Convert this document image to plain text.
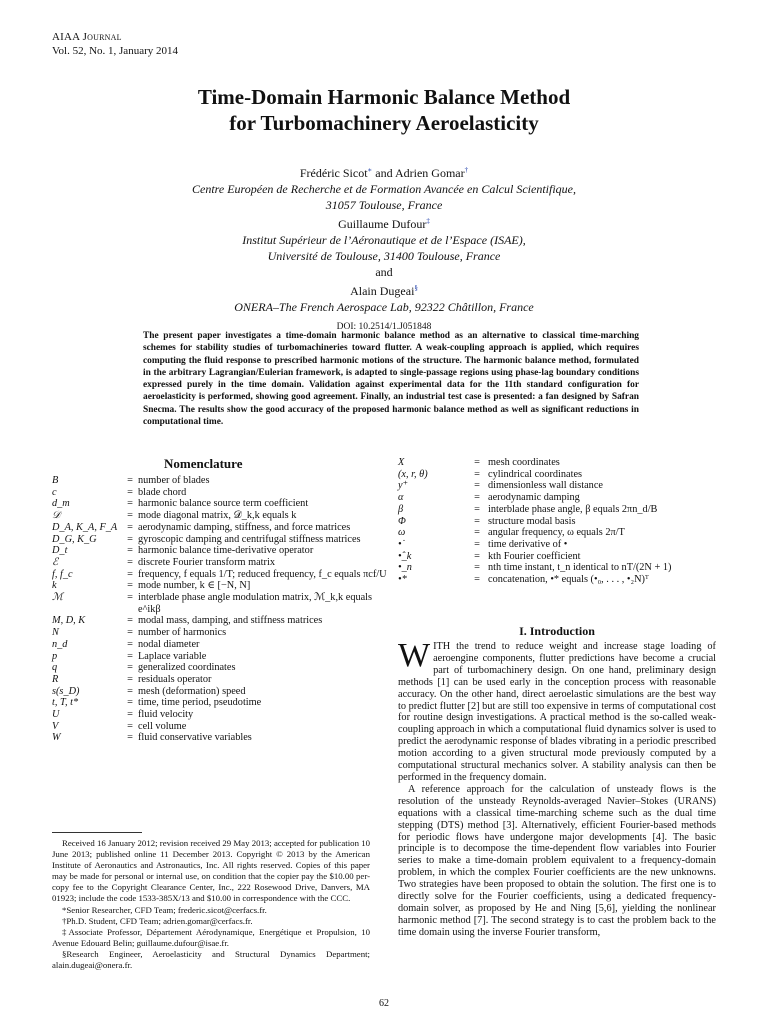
AIAA Journal
Vol. 52, No. 1, January 2014
Time-Domain Harmonic Balance Method
for Turbomachinery Aeroelasticity
Frédéric Sicot∗ and Adrien Gomar†
Centre Européen de Recherche et de Formation Avancée en Calcul Scientifique,
31057 Toulouse, France
Guillaume Dufour‡
Institut Supérieur de l’Aéronautique et de l’Espace (ISAE),
Université de Toulouse, 31400 Toulouse, France
and
Alain Dugeai§
ONERA–The French Aerospace Lab, 92322 Châtillon, France
DOI: 10.2514/1.J051848
The present paper investigates a time-domain harmonic balance method as an alternative to classical time-marching schemes for stability studies of turbomachineries toward flutter. A weak-coupling approach is applied, which requires computing the fluid response to prescribed harmonic motions of the structure. The harmonic balance method, formulated in the arbitrary Lagrangian/Eulerian framework, is adapted to single-passage regions using phase-lag boundary conditions expressed purely in the time domain. Validation against experimental data for the 11th standard configuration for aeroelasticity is performed, showing good agreement. Finally, an industrial test case is presented: a fan designed by Safran Snecma. The results show the good accuracy of the proposed harmonic balance method as well as significant reductions in computational time.
Nomenclature
B	= number of blades
c	= blade chord
d_m	= harmonic balance source term coefficient
𝒟	= mode diagonal matrix, 𝒟_k,k equals k
D_A, K_A, F_A = aerodynamic damping, stiffness, and force matrices
D_G, K_G	= gyroscopic damping and centrifugal stiffness matrices
D_t	= harmonic balance time-derivative operator
ℰ	= discrete Fourier transform matrix
f, f_c	= frequency, f equals 1/T; reduced frequency, f_c equals πcf/U
k	= mode number, k ∈ [−N, N]
ℳ	= interblade phase angle modulation matrix, ℳ_k,k equals e^ikβ
M, D, K	= modal mass, damping, and stiffness matrices
N	= number of harmonics
n_d	= nodal diameter
p	= Laplace variable
q	= generalized coordinates
R	= residuals operator
s(s_D)	= mesh (deformation) speed
t, T, t*	= time, time period, pseudotime
U	= fluid velocity
V	= cell volume
W	= fluid conservative variables
X	= mesh coordinates
(x, r, θ)	= cylindrical coordinates
y⁺	= dimensionless wall distance
α	= aerodynamic damping
β	= interblade phase angle, β equals 2πn_d/B
Φ	= structure modal basis
ω	= angular frequency, ω equals 2π/T
•̇	= time derivative of •
•̂_k	= kth Fourier coefficient
•_n	= nth time instant, t_n identical to nT/(2N + 1)
•*	= concatenation, •* equals (•₀, . . . , •₂N)ᵀ

Received 16 January 2012; revision received 29 May 2013; accepted for publication 10 June 2013; published online 11 December 2013. Copyright © 2013 by the American Institute of Aeronautics and Astronautics, Inc. All rights reserved. Copies of this paper may be made for personal or internal use, on condition that the copier pay the $10.00 per-copy fee to the Copyright Clearance Center, Inc., 222 Rosewood Drive, Danvers, MA 01923; include the code 1533-385X/13 and $10.00 in correspondence with the CCC.

*Senior Researcher, CFD Team; frederic.sicot@cerfacs.fr.

†Ph.D. Student, CFD Team; adrien.gomar@cerfacs.fr.

‡Associate Professor, Département Aérodynamique, Energétique et Propulsion, 10 Avenue Edouard Belin; guillaume.dufour@isae.fr.

§Research Engineer, Aeroelasticity and Structural Dynamics Department; alain.dugeai@onera.fr.

I. Introduction

WITH the trend to reduce weight and increase stage loading of aeroengine components, flutter predictions have become a crucial part of turbomachinery design. On one hand, preliminary design methods [1] can be used early in the conception process with reasonable accuracy. On the other hand, direct aeroelastic simulations are the best way to predict flutter [2] but are still too expensive in terms of computational cost for routine design investigations. A practical method is the so-called weak-coupling approach in which a computational fluid dynamics solver is used to predict the aerodynamic response of blades vibrating in a periodic prescribed motion according to a given structural mode previously computed by a computational structural mechanics solver. A stability analysis can then be performed in the frequency domain.

A reference approach for the calculation of unsteady flows is the resolution of the unsteady Reynolds-averaged Navier–Stokes (URANS) equations with a classical time-marching scheme such as the dual time stepping (DTS) method [3]. Alternatively, efficient Fourier-based methods for periodic flows have undergone major developments [4]. The basic principle is to decompose the time-dependent flow variables into Fourier series to make a time-domain problem equivalent to a frequency-domain problem, in which the complex Fourier coefficients are the new unknowns. Two strategies have been proposed to obtain the solution. The first one is to directly solve for the Fourier coefficients, using a dedicated frequency-domain solver, as proposed by He and Ning [5,6], yielding the nonlinear harmonic method [7]. The second strategy is to cast the problem back to the time domain using the inverse Fourier transform,

62
